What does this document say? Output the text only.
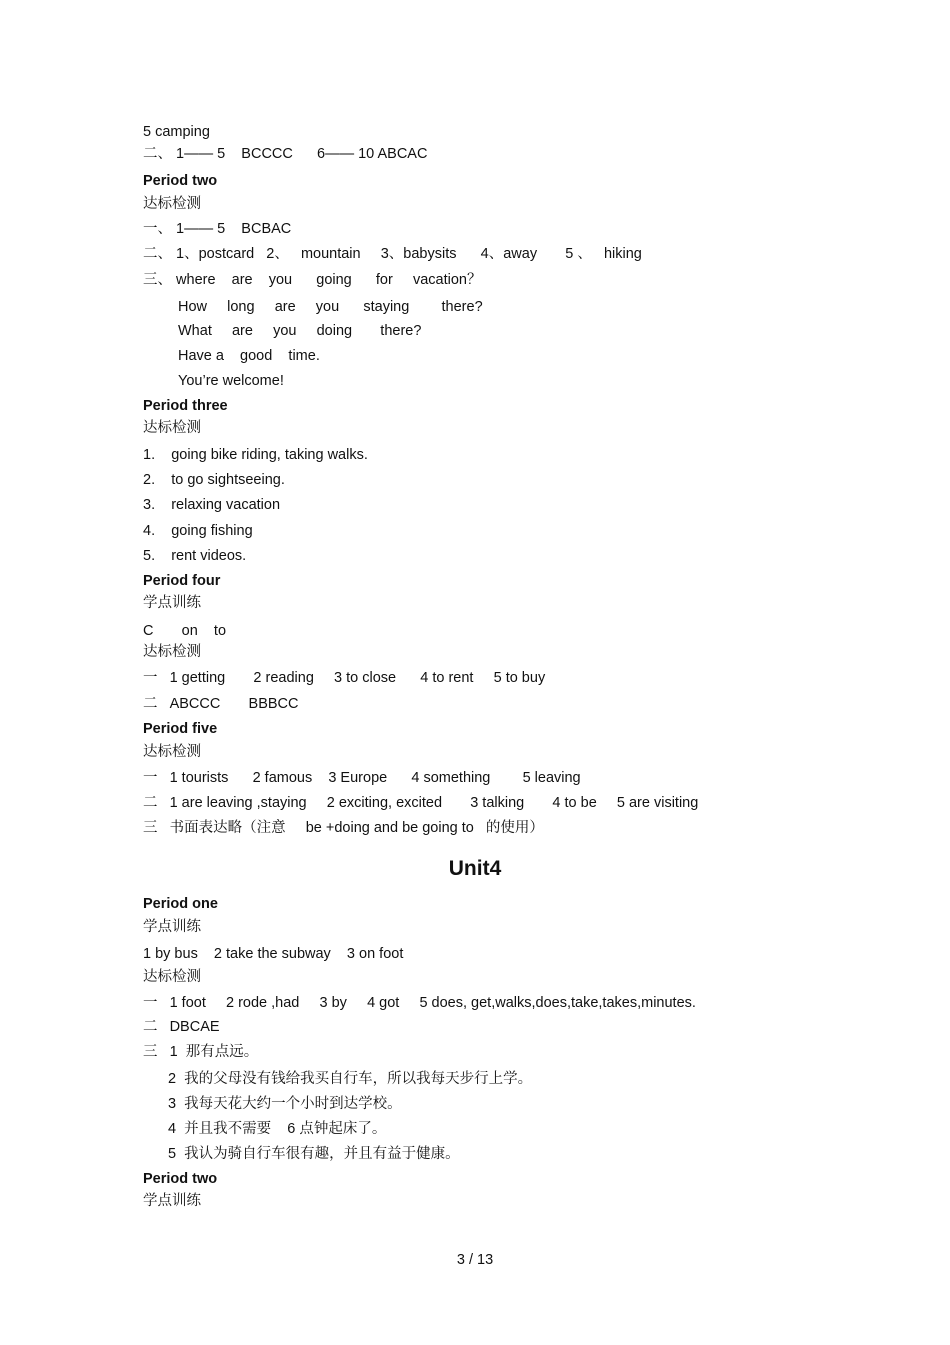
5 camping
二、 1—— 5    BCCCC      6—— 10 ABCAC
Period two
达标检测
一、 1—— 5    BCBAC
二、 1、postcard   2、   mountain     3、babysits      4、away       5 、   hiking
三、 where    are    you      going      for     vacation？
How     long     are     you      staying        there?
What     are     you     doing       there?
Have a    good    time.
You’re welcome!
Period three
达标检测
1.    going bike riding, taking walks.
2.    to go sightseeing.
3.    relaxing vacation
4.    going fishing
5.    rent videos.
Period four
学点训练
C       on    to
达标检测
一   1 getting       2 reading     3 to close      4 to rent     5 to buy
二   ABCCC       BBBCC
Period five
达标检测
一   1 tourists      2 famous    3 Europe      4 something        5 leaving
二   1 are leaving ,staying     2 exciting, excited       3 talking       4 to be     5 are visiting
三   书面表达略（注意     be +doing and be going to   的使用）
Unit4
Period one
学点训练
1 by bus    2 take the subway    3 on foot
达标检测
一   1 foot     2 rode ,had     3 by     4 got     5 does, get,walks,does,take,takes,minutes.
二   DBCAE
三   1  那有点远。
2  我的父母没有钱给我买自行车，所以我每天步行上学。
3  我每天花大约一个小时到达学校。
4  并且我不需要    6 点钟起床了。
5  我认为骑自行车很有趣，并且有益于健康。
Period two
学点训练
3 / 13
